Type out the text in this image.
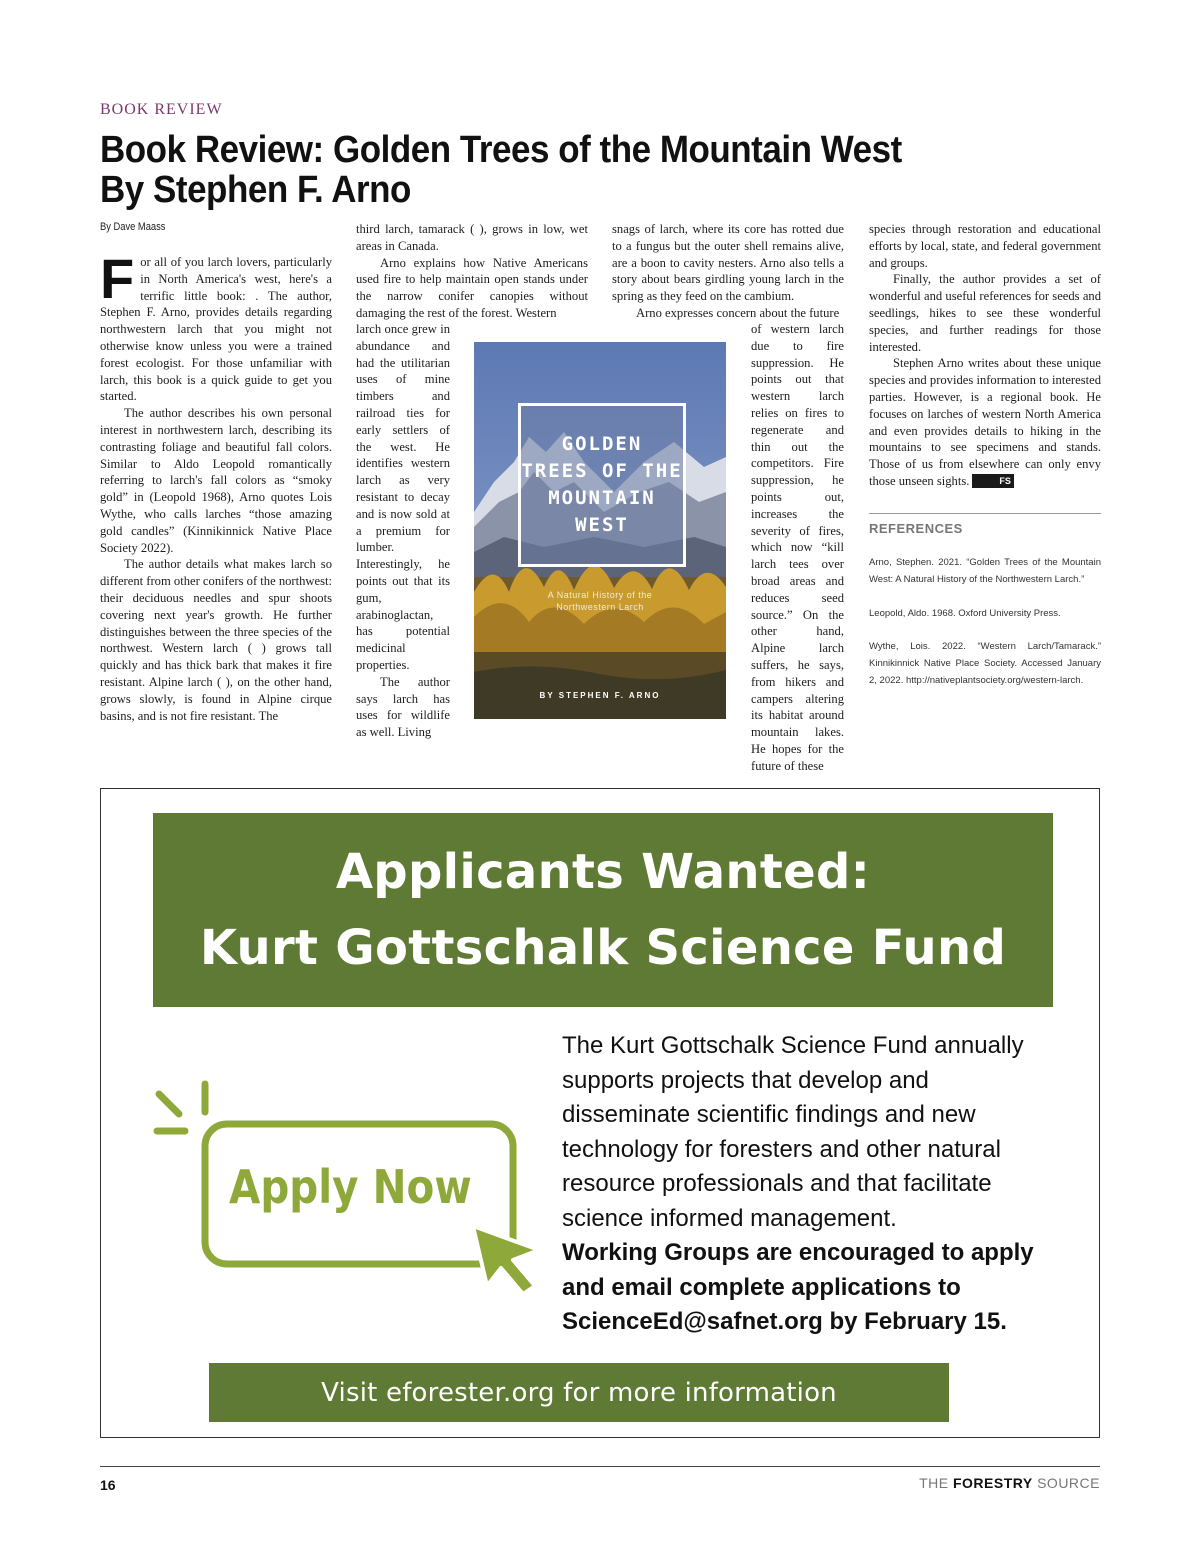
BOOK REVIEW
Book Review: Golden Trees of the Mountain West
By Stephen F. Arno
By Dave Maass

For all of you larch lovers, particularly in North America's west, here's a terrific little book: . The author, Stephen F. Arno, provides details regarding northwestern larch that you might not otherwise know unless you were a trained forest ecologist. For those unfamiliar with larch, this book is a quick guide to get you started.

The author describes his own personal interest in northwestern larch, describing its contrasting foliage and beautiful fall colors. Similar to Aldo Leopold romantically referring to larch's fall colors as “smoky gold” in (Leopold 1968), Arno quotes Lois Wythe, who calls larches “those amazing gold candles” (Kinnikinnick Native Place Society 2022).

The author details what makes larch so different from other conifers of the northwest: their deciduous needles and spur shoots covering next year's growth. He further distinguishes between the three species of the northwest. Western larch ( ) grows tall quickly and has thick bark that makes it fire resistant. Alpine larch ( ), on the other hand, grows slowly, is found in Alpine cirque basins, and is not fire resistant. The

third larch, tamarack ( ), grows in low, wet areas in Canada.

Arno explains how Native Americans used fire to help maintain open stands under the narrow conifer canopies without damaging the rest of the forest. Western

larch once grew in abundance and had the utilitarian uses of mine timbers and railroad ties for early settlers of the west. He identifies western larch as very resistant to decay and is now sold at a premium for lumber. Interestingly, he points out that its gum, arabinoglactan, has potential medicinal properties.

The author says larch has uses for wildlife as well. Living

snags of larch, where its core has rotted due to a fungus but the outer shell remains alive, are a boon to cavity nesters. Arno also tells a story about bears girdling young larch in the spring as they feed on the cambium.

Arno expresses concern about the future

of western larch due to fire suppression. He points out that western larch relies on fires to regenerate and thin out the competitors. Fire suppression, he points out, increases the severity of fires, which now “kill larch tees over broad areas and reduces seed source.” On the other hand, Alpine larch suffers, he says, from hikers and campers altering its habitat around mountain lakes. He hopes for the future of these

GOLDEN
TREES OF THE
MOUNTAIN
WEST
A Natural History of the
Northwestern Larch
BY STEPHEN F. ARNO

species through restoration and educational efforts by local, state, and federal government and groups.

Finally, the author provides a set of wonderful and useful references for seeds and seedlings, hikes to see these wonderful species, and further readings for those interested.

Stephen Arno writes about these unique species and provides information to interested parties. However, is a regional book. He focuses on larches of western North America and even provides details to hiking in the mountains to see specimens and stands. Those of us from elsewhere can only envy those unseen sights.	FS

REFERENCES

Arno, Stephen. 2021. “Golden Trees of the Mountain West: A Natural History of the Northwestern Larch.”

Leopold, Aldo. 1968. Oxford University Press.

Wythe, Lois. 2022. “Western Larch/Tamarack.” Kinnikinnick Native Place Society. Accessed January 2, 2022. http://nativeplantsociety.org/western-larch.

Applicants Wanted:
Kurt Gottschalk Science Fund
Apply Now
The Kurt Gottschalk Science Fund annually supports projects that develop and disseminate scientific findings and new technology for foresters and other natural resource professionals and that facilitate science informed management.
Working Groups are encouraged to apply and email complete applications to ScienceEd@safnet.org by February 15.
Visit eforester.org for more information
16	THE FORESTRY SOURCE
